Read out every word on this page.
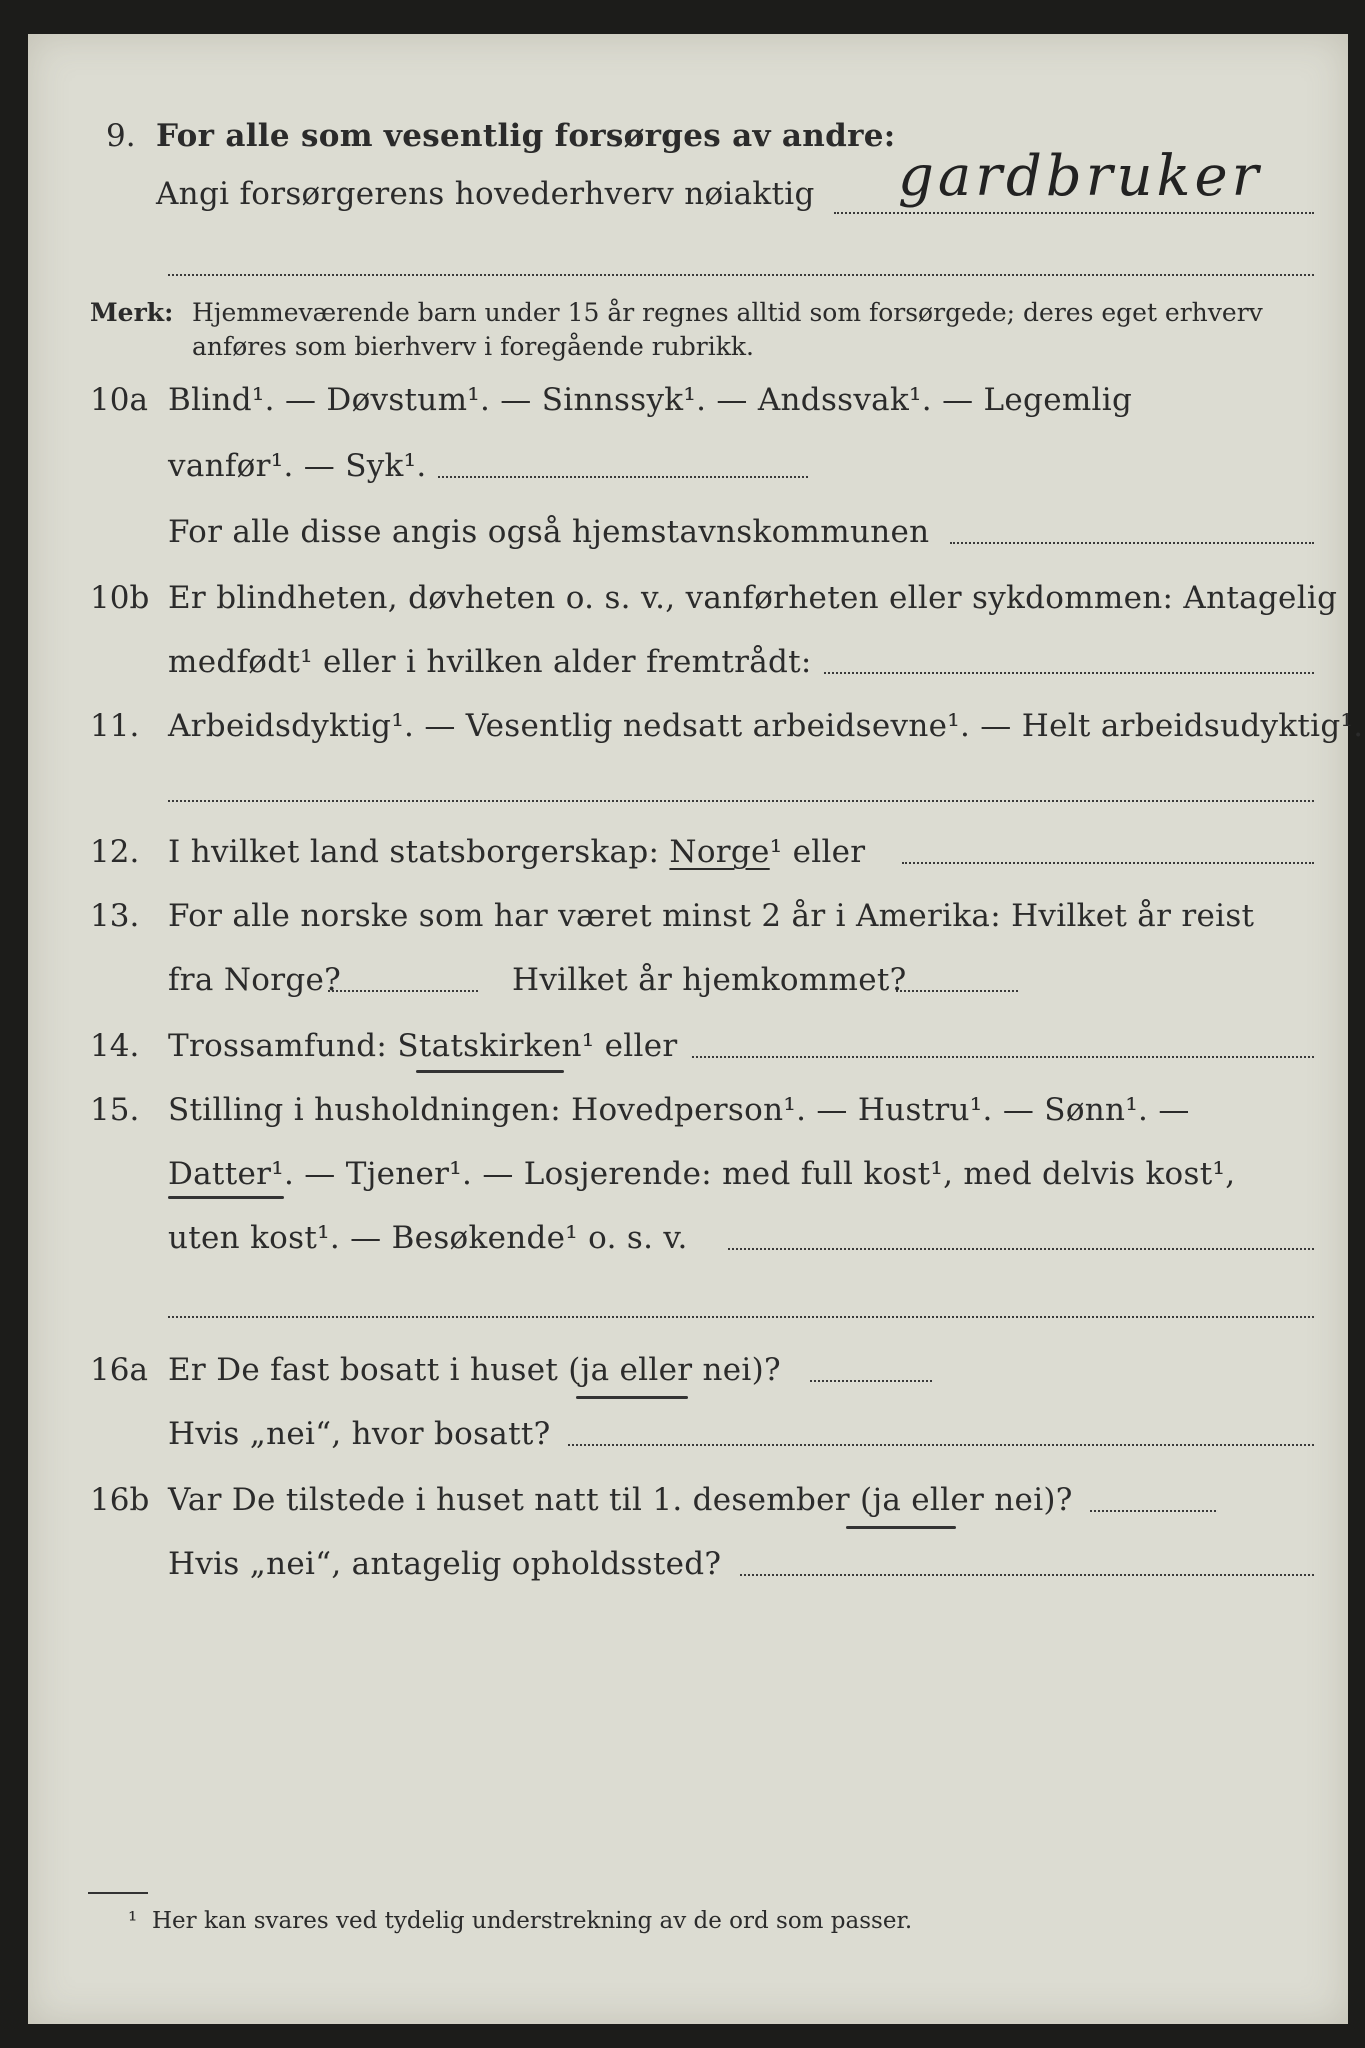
9. For alle som vesentlig forsørges av andre:
Angi forsørgerens hovederhverv nøiaktig gardbruker
Merk: Hjemmeværende barn under 15 år regnes alltid som forsørgede; deres eget erhverv
anføres som bierhverv i foregående rubrikk.
10a Blind¹. — Døvstum¹. — Sinnssyk¹. — Andssvak¹. — Legemlig
vanfør¹. — Syk¹.
For alle disse angis også hjemstavnskommunen
10b Er blindheten, døvheten o. s. v., vanførheten eller sykdommen: Antagelig
medfødt¹ eller i hvilken alder fremtrådt:
11. Arbeidsdyktig¹. — Vesentlig nedsatt arbeidsevne¹. — Helt arbeidsudyktig¹.
12. I hvilket land statsborgerskap: Norge¹ eller
13. For alle norske som har været minst 2 år i Amerika: Hvilket år reist
fra Norge?	Hvilket år hjemkommet?
14. Trossamfund: Statskirken¹ eller
15. Stilling i husholdningen: Hovedperson¹. — Hustru¹. — Sønn¹. —
Datter¹. — Tjener¹. — Losjerende: med full kost¹, med delvis kost¹,
uten kost¹. — Besøkende¹ o. s. v.
16a Er De fast bosatt i huset (ja eller nei)?
Hvis „nei“, hvor bosatt?
16b Var De tilstede i huset natt til 1. desember (ja eller nei)?
Hvis „nei“, antagelig opholdssted?
¹ Her kan svares ved tydelig understrekning av de ord som passer.
